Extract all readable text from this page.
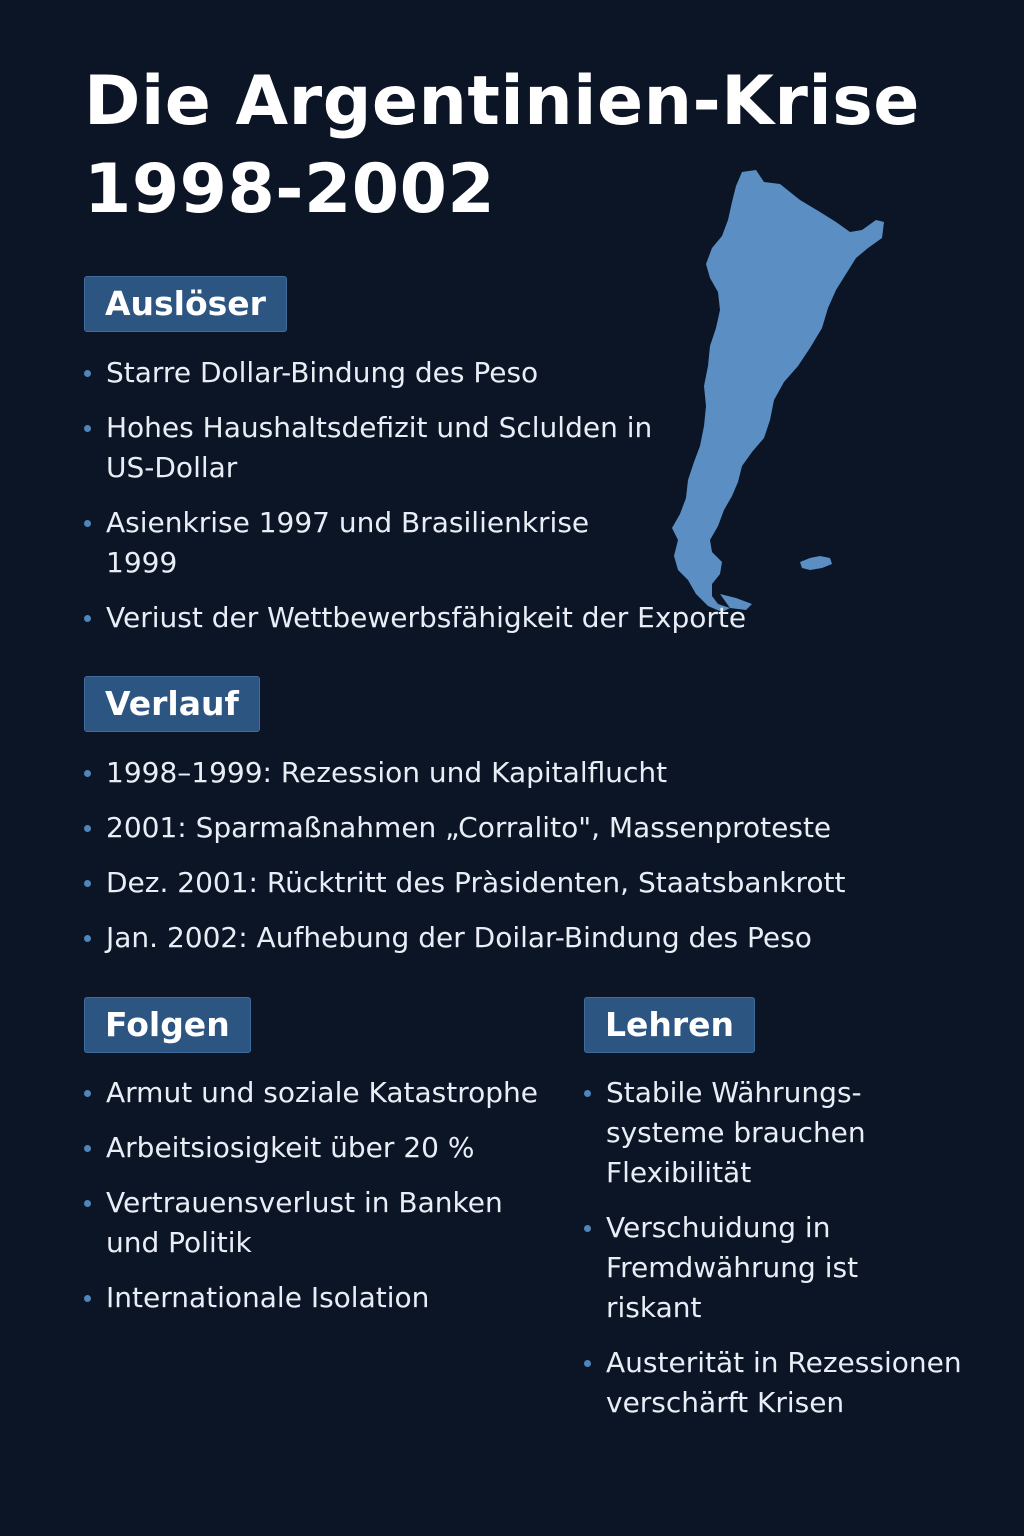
Die Argentinien-Krise
1998-2002
Auslöser
Starre Dollar-Bindung des Peso
Hohes Haushaltsdefizit und Sclulden in US-Dollar
Asienkrise 1997 und Brasilienkrise 1999
Veriust der Wettbewerbsfähigkeit der Exporte
Verlauf
1998–1999: Rezession und Kapitalflucht
2001: Sparmaßnahmen „Corralito", Massenproteste
Dez. 2001: Rücktritt des Pràsidenten, Staatsbankrott
Jan. 2002: Aufhebung der Doilar-Bindung des Peso
Folgen
Armut und soziale Katastrophe
Arbeitsiosigkeit über 20 %
Vertrauensverlust in Banken und Politik
Internationale Isolation
Lehren
Stabile Währungs-systeme brauchen Flexibilität
Verschuidung in Fremdwährung ist riskant
Austerität in Rezessionen verschärft Krisen
